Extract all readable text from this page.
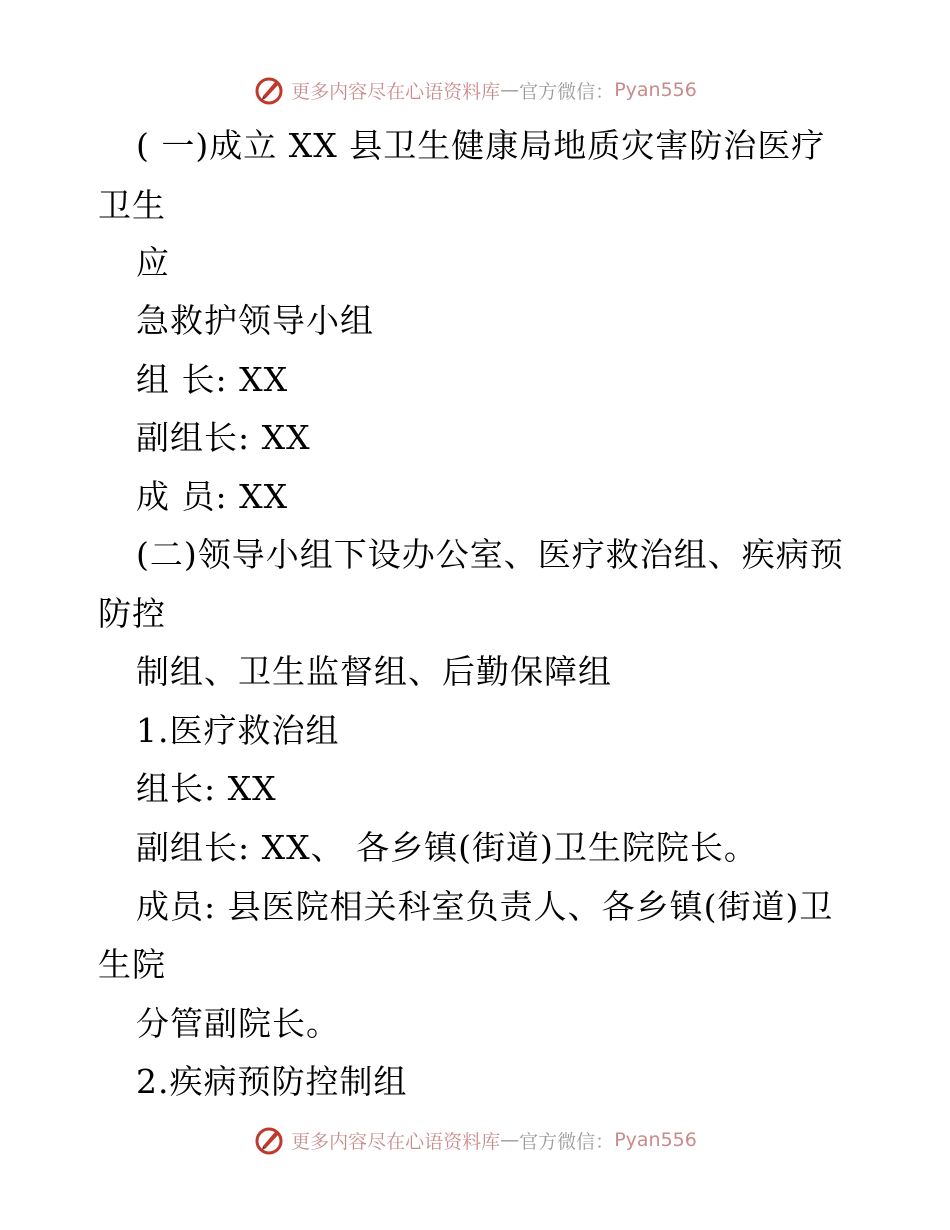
更多内容尽在心语资料库 — 官方微信： Pyan556
( 一)成立 XX 县卫生健康局地质灾害防治医疗
卫生
应
急救护领导小组
组 长: XX
副组长: XX
成 员: XX
(二)领导小组下设办公室、医疗救治组、疾病预
防控
制组、卫生监督组、后勤保障组
1.医疗救治组
组长: XX
副组长: XX、 各乡镇(街道)卫生院院长。
成员: 县医院相关科室负责人、各乡镇(街道)卫
生院
分管副院长。
2.疾病预防控制组
更多内容尽在心语资料库 — 官方微信： Pyan556
